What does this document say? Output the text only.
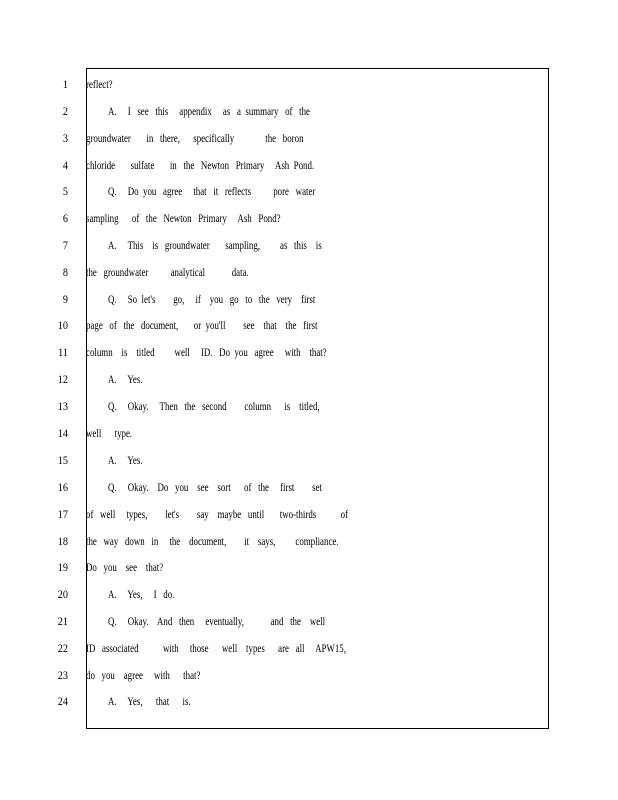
1 reflect?
2	A.     I   see   this     appendix     as   a  summary   of   the
3 groundwater       in   there,      specifically              the   boron
4 chloride       sulfate       in   the   Newton   Primary     Ash  Pond.
5	Q.     Do  you   agree     that   it   reflects          pore   water
6 sampling      of   the   Newton   Primary     Ash   Pond?
7	A.     This    is   groundwater       sampling,         as   this    is
8 the   groundwater          analytical            data.
9	Q.     So  let's        go,     if    you   go   to   the   very    first
10 page   of   the   document,       or  you'll        see    that    the   first
11 column    is    titled         well     ID.   Do  you   agree     with    that?
12	A.     Yes.
13	Q.     Okay.     Then   the   second        column      is    titled,
14 well      type.
15	A.     Yes.
16	Q.     Okay.    Do   you    see    sort      of   the     first        set
17 of   well     types,        let's        say    maybe   until       two-thirds           of
18 the   way   down   in     the    document,        it    says,         compliance.
19 Do   you    see    that?
20	A.     Yes,     I   do.
21	Q.     Okay.    And   then     eventually,            and   the    well
22 ID   associated           with     those      well    types      are   all     APW15,
23 do   you    agree     with      that?
24	A.     Yes,      that      is.
